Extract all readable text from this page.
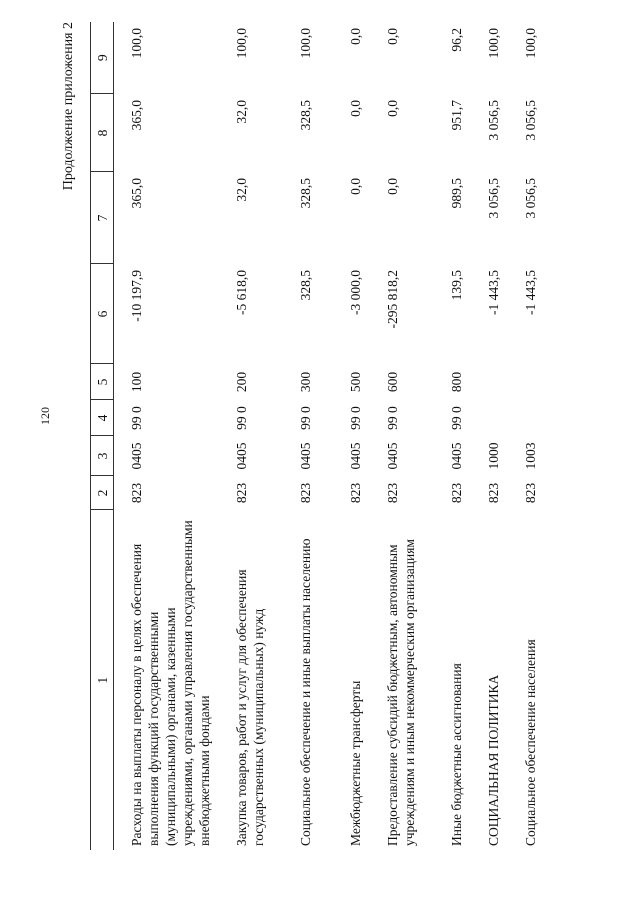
120
Продолжение приложения 2
1	2	3	4	5	6	7	8	9
Расходы на выплаты персоналу в целях обеспечения выполнения функций государственными (муниципальными) органами, казенными учреждениями, органами управления государственными внебюджетными фондами	823	0405	99 0	100	-10 197,9	365,0	365,0	100,0
Закупка товаров, работ и услуг для обеспечения государственных (муниципальных) нужд	823	0405	99 0	200	-5 618,0	32,0	32,0	100,0
Социальное обеспечение и иные выплаты населению	823	0405	99 0	300	328,5	328,5	328,5	100,0
Межбюджетные трансферты	823	0405	99 0	500	-3 000,0	0,0	0,0	0,0
Предоставление субсидий бюджетным, автономным учреждениям и иным некоммерческим организациям	823	0405	99 0	600	-295 818,2	0,0	0,0	0,0
Иные бюджетные ассигнования	823	0405	99 0	800	139,5	989,5	951,7	96,2
СОЦИАЛЬНАЯ ПОЛИТИКА	823	1000			-1 443,5	3 056,5	3 056,5	100,0
Социальное обеспечение населения	823	1003			-1 443,5	3 056,5	3 056,5	100,0
